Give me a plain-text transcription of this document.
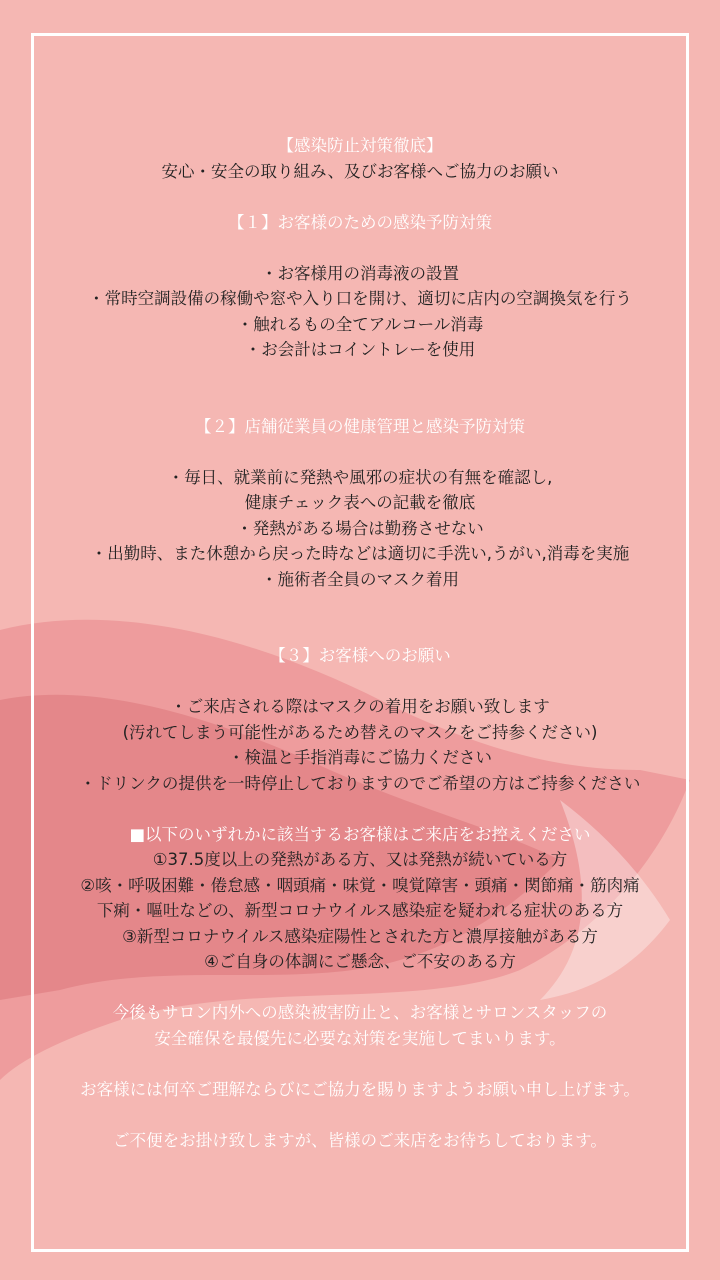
【感染防止対策徹底】
安心・安全の取り組み、及びお客様へご協力のお願い
【１】お客様のための感染予防対策
・お客様用の消毒液の設置
・常時空調設備の稼働や窓や入り口を開け、適切に店内の空調換気を行う
・触れるもの全てアルコール消毒
・お会計はコイントレーを使用
【２】店舗従業員の健康管理と感染予防対策
・毎日、就業前に発熱や風邪の症状の有無を確認し,
健康チェック表への記載を徹底
・発熱がある場合は勤務させない
・出勤時、また休憩から戻った時などは適切に手洗い,うがい,消毒を実施
・施術者全員のマスク着用
【３】お客様へのお願い
・ご来店される際はマスクの着用をお願い致します
(汚れてしまう可能性があるため替えのマスクをご持参ください)
・検温と手指消毒にご協力ください
・ドリンクの提供を一時停止しておりますのでご希望の方はご持参ください
■以下のいずれかに該当するお客様はご来店をお控えください
①37.5度以上の発熱がある方、又は発熱が続いている方
②咳・呼吸困難・倦怠感・咽頭痛・味覚・嗅覚障害・頭痛・関節痛・筋肉痛
下痢・嘔吐などの、新型コロナウイルス感染症を疑われる症状のある方
③新型コロナウイルス感染症陽性とされた方と濃厚接触がある方
④ご自身の体調にご懸念、ご不安のある方
今後もサロン内外への感染被害防止と、お客様とサロンスタッフの
安全確保を最優先に必要な対策を実施してまいります。
お客様には何卒ご理解ならびにご協力を賜りますようお願い申し上げます。
ご不便をお掛け致しますが、皆様のご来店をお待ちしております。
